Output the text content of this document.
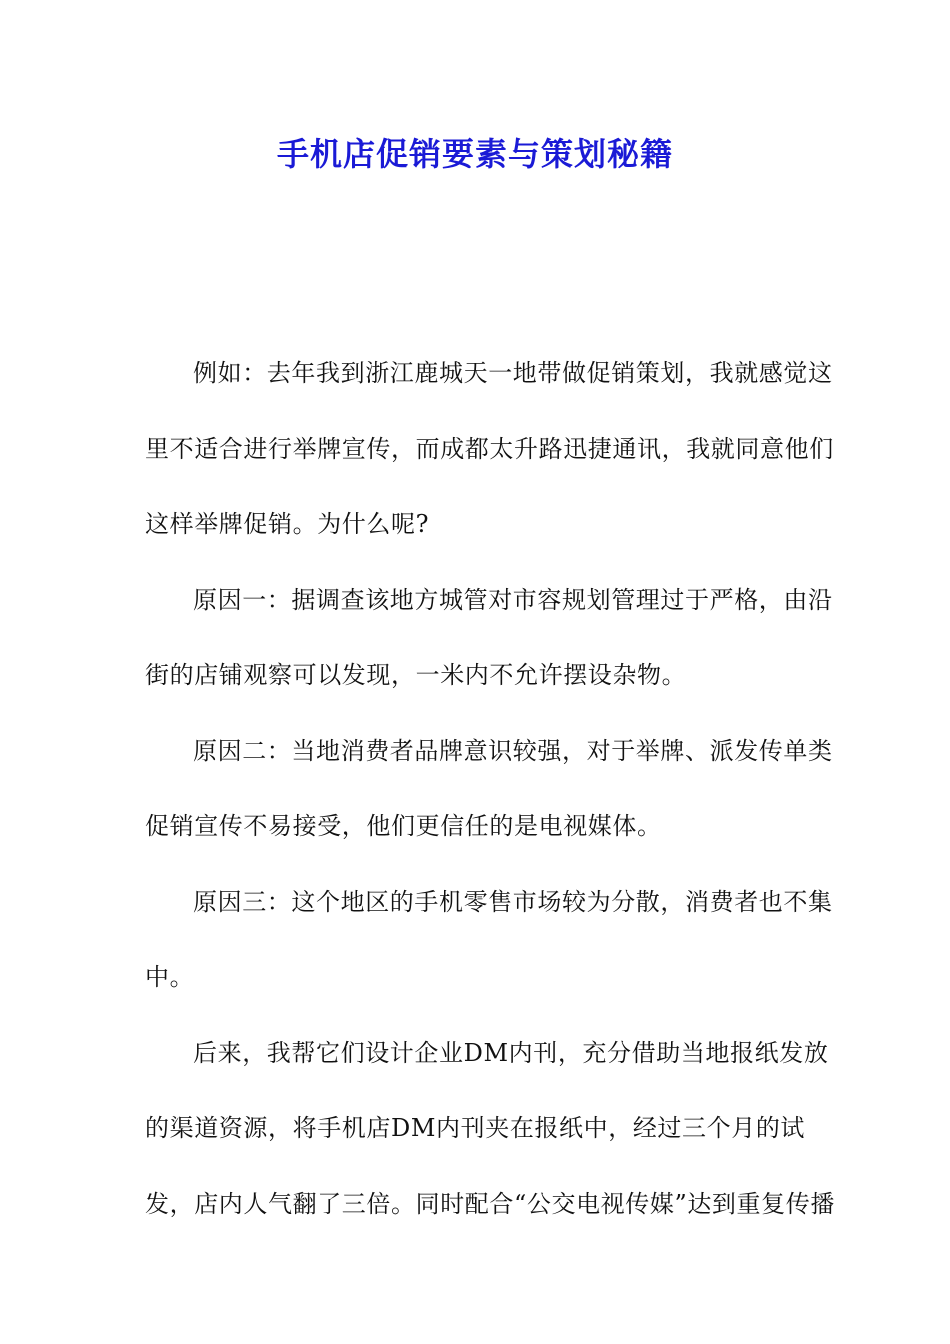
手机店促销要素与策划秘籍

例如：去年我到浙江鹿城天一地带做促销策划，我就感觉这里不适合进行举牌宣传，而成都太升路迅捷通讯，我就同意他们这样举牌促销。为什么呢?

原因一：据调查该地方城管对市容规划管理过于严格，由沿街的店铺观察可以发现，一米内不允许摆设杂物。

原因二：当地消费者品牌意识较强，对于举牌、派发传单类促销宣传不易接受，他们更信任的是电视媒体。

原因三：这个地区的手机零售市场较为分散，消费者也不集中。

后来，我帮它们设计企业DM内刊，充分借助当地报纸发放的渠道资源，将手机店DM内刊夹在报纸中，经过三个月的试发，店内人气翻了三倍。同时配合“公交电视传媒”达到重复传播
